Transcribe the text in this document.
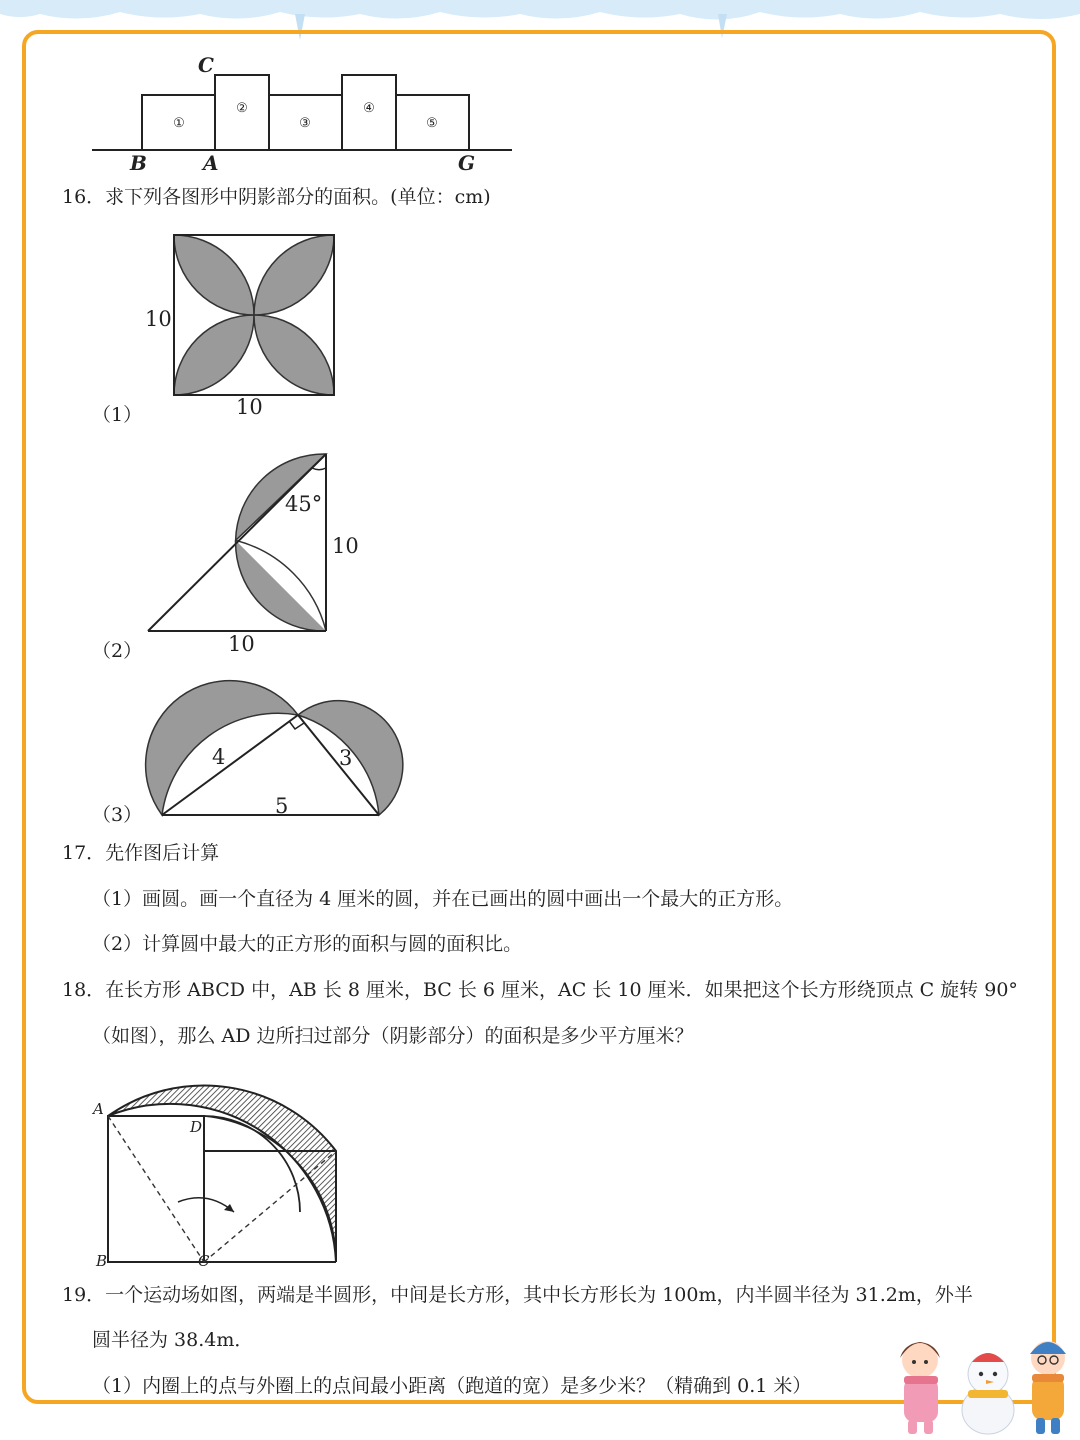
①
②
③
④
⑤
C
B	A	G
16．求下列各图形中阴影部分的面积。(单位：cm)
10
10
（1）
45°
10
10
（2）
4	3
5
（3）
17．先作图后计算
（1）画圆。画一个直径为 4 厘米的圆，并在已画出的圆中画出一个最大的正方形。
（2）计算圆中最大的正方形的面积与圆的面积比。
18．在长方形 ABCD 中，AB 长 8 厘米，BC 长 6 厘米，AC 长 10 厘米．如果把这个长方形绕顶点 C 旋转 90°
（如图），那么 AD 边所扫过部分（阴影部分）的面积是多少平方厘米？
A
D
B	C
19．一个运动场如图，两端是半圆形，中间是长方形，其中长方形长为 100m，内半圆半径为 31.2m，外半
圆半径为 38.4m．
（1）内圈上的点与外圈上的点间最小距离（跑道的宽）是多少米？（精确到 0.1 米）
